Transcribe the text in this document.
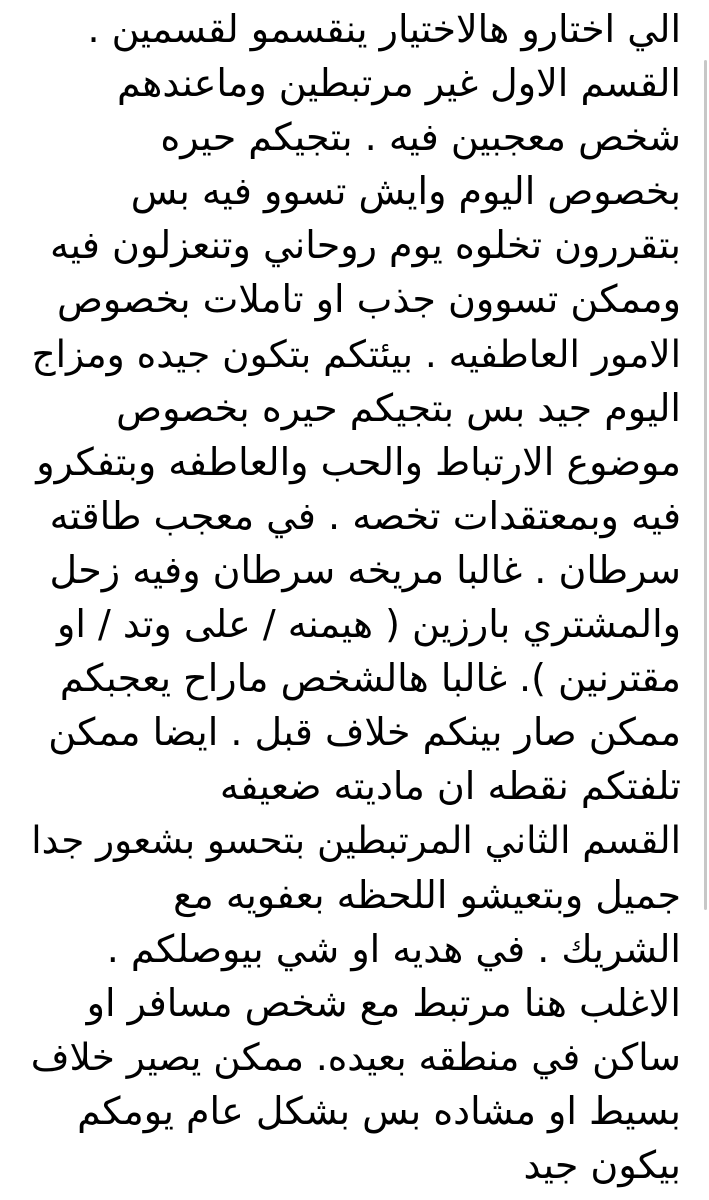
الي اختارو هالاختيار ينقسمو لقسمين .
القسم الاول غير مرتبطين وماعندهم
شخص معجبين فيه . بتجيكم حيره
بخصوص اليوم وايش تسوو فيه بس
بتقررون تخلوه يوم روحاني وتنعزلون فيه
وممكن تسوون جذب او تاملات بخصوص
الامور العاطفيه . بيئتكم بتكون جيده ومزاج
اليوم جيد بس بتجيكم حيره بخصوص
موضوع الارتباط والحب والعاطفه وبتفكرو
فيه وبمعتقدات تخصه . في معجب طاقته
سرطان . غالبا مريخه سرطان وفيه زحل
والمشتري بارزين ( هيمنه / على وتد / او
مقترنين ). غالبا هالشخص ماراح يعجبكم
ممكن صار بينكم خلاف قبل . ايضا ممكن
تلفتكم نقطه ان ماديته ضعيفه
القسم الثاني المرتبطين بتحسو بشعور جدا
جميل وبتعيشو اللحظه بعفويه مع
الشريك . في هديه او شي بيوصلكم .
الاغلب هنا مرتبط مع شخص مسافر او
ساكن في منطقه بعيده. ممكن يصير خلاف
بسيط او مشاده بس بشكل عام يومكم
بيكون جيد
